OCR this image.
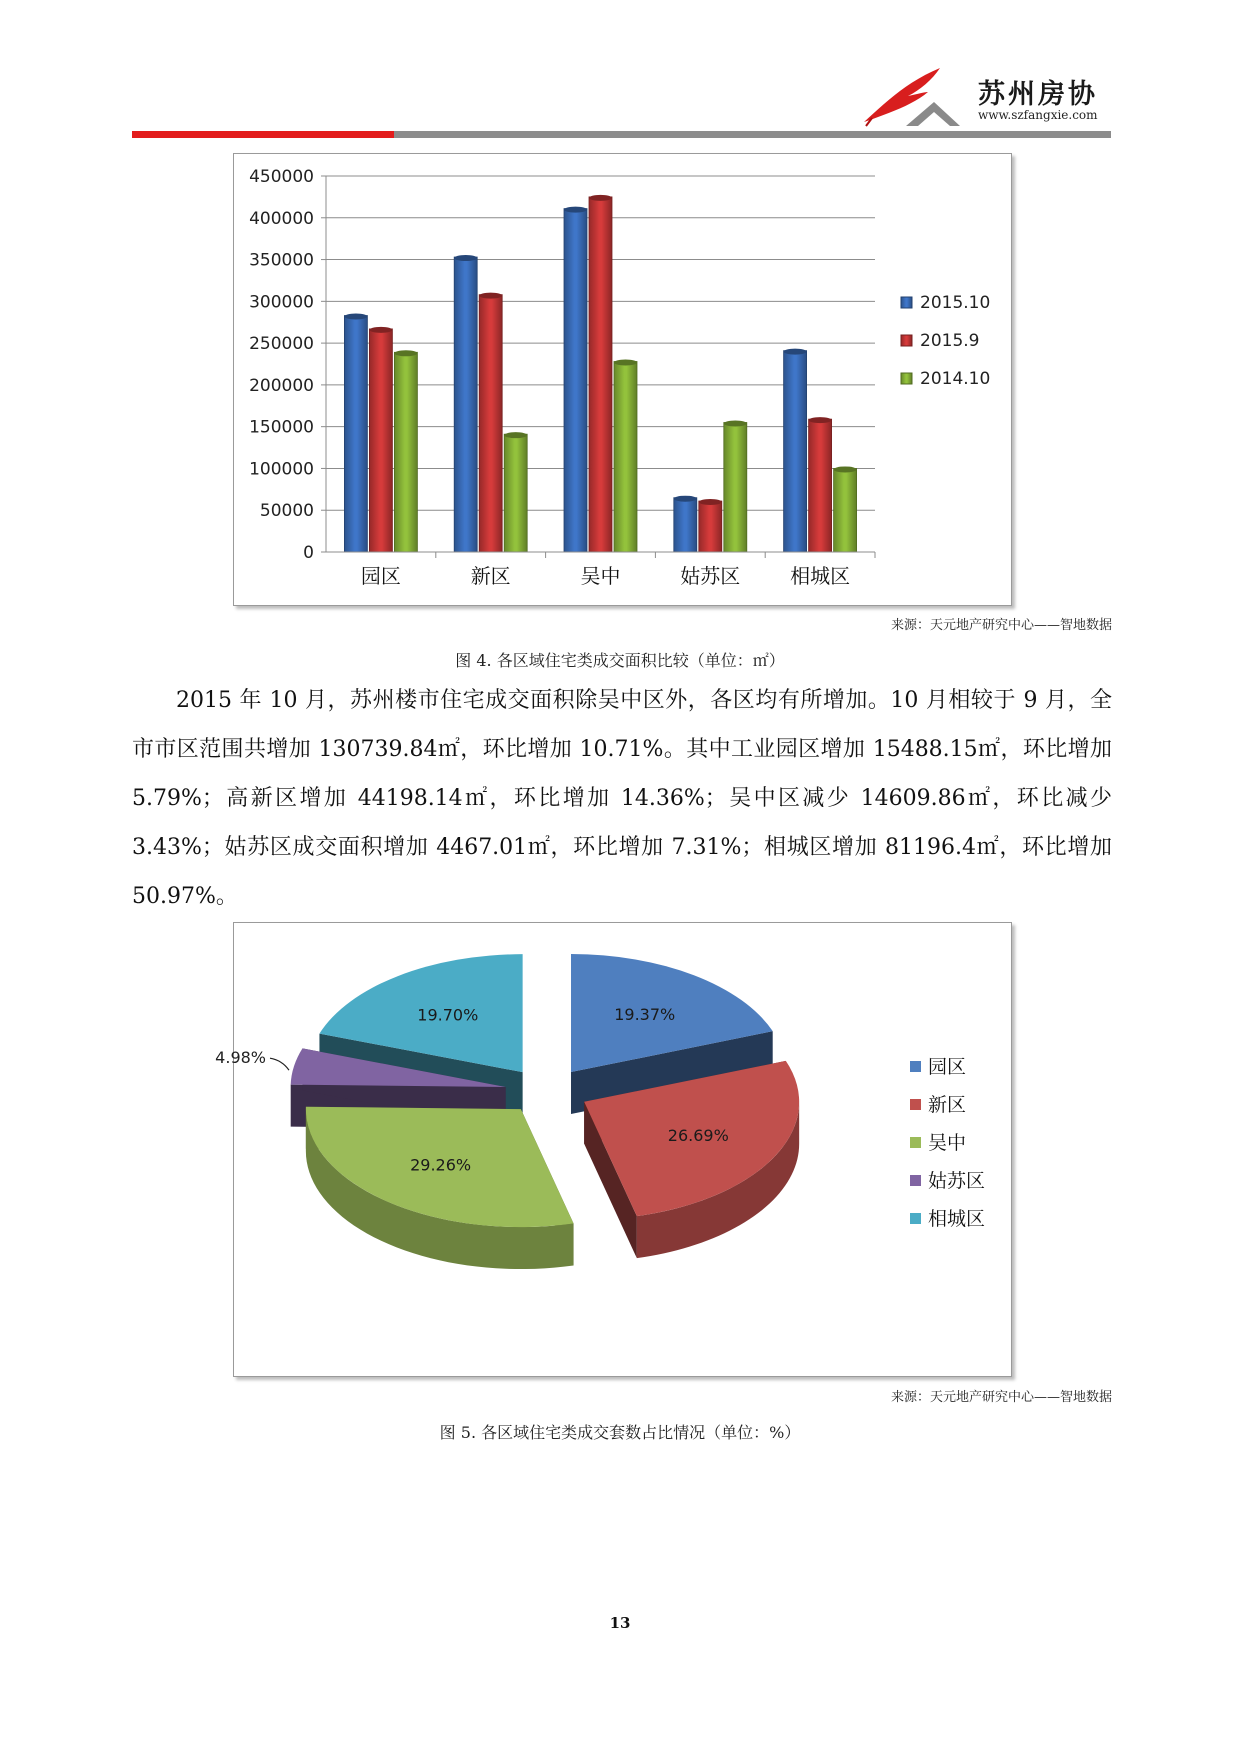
苏州房协
www.szfangxie.com
0
50000
100000
150000
200000
250000
300000
350000
400000
450000
园区	新区	吴中	姑苏区 相城区
2015.10
2015.9
2014.10
来源：天元地产研究中心——智地数据
图 4. 各区域住宅类成交面积比较（单位：㎡）

2015 年 10 月，苏州楼市住宅成交面积除吴中区外，各区均有所增加。10 月相较于 9 月，全市市区范围共增加 130739.84㎡，环比增加 10.71%。其中工业园区增加 15488.15㎡，环比增加 5.79%；高新区增加 44198.14㎡，环比增加 14.36%；吴中区减少 14609.86㎡，环比减少 3.43%；姑苏区成交面积增加 4467.01㎡，环比增加 7.31%；相城区增加 81196.4㎡，环比增加 50.97%。

19.37%
26.69%
29.26%
4.98%
19.70%
园区
新区
吴中
姑苏区
相城区
来源：天元地产研究中心——智地数据
图 5. 各区域住宅类成交套数占比情况（单位：%）
13
